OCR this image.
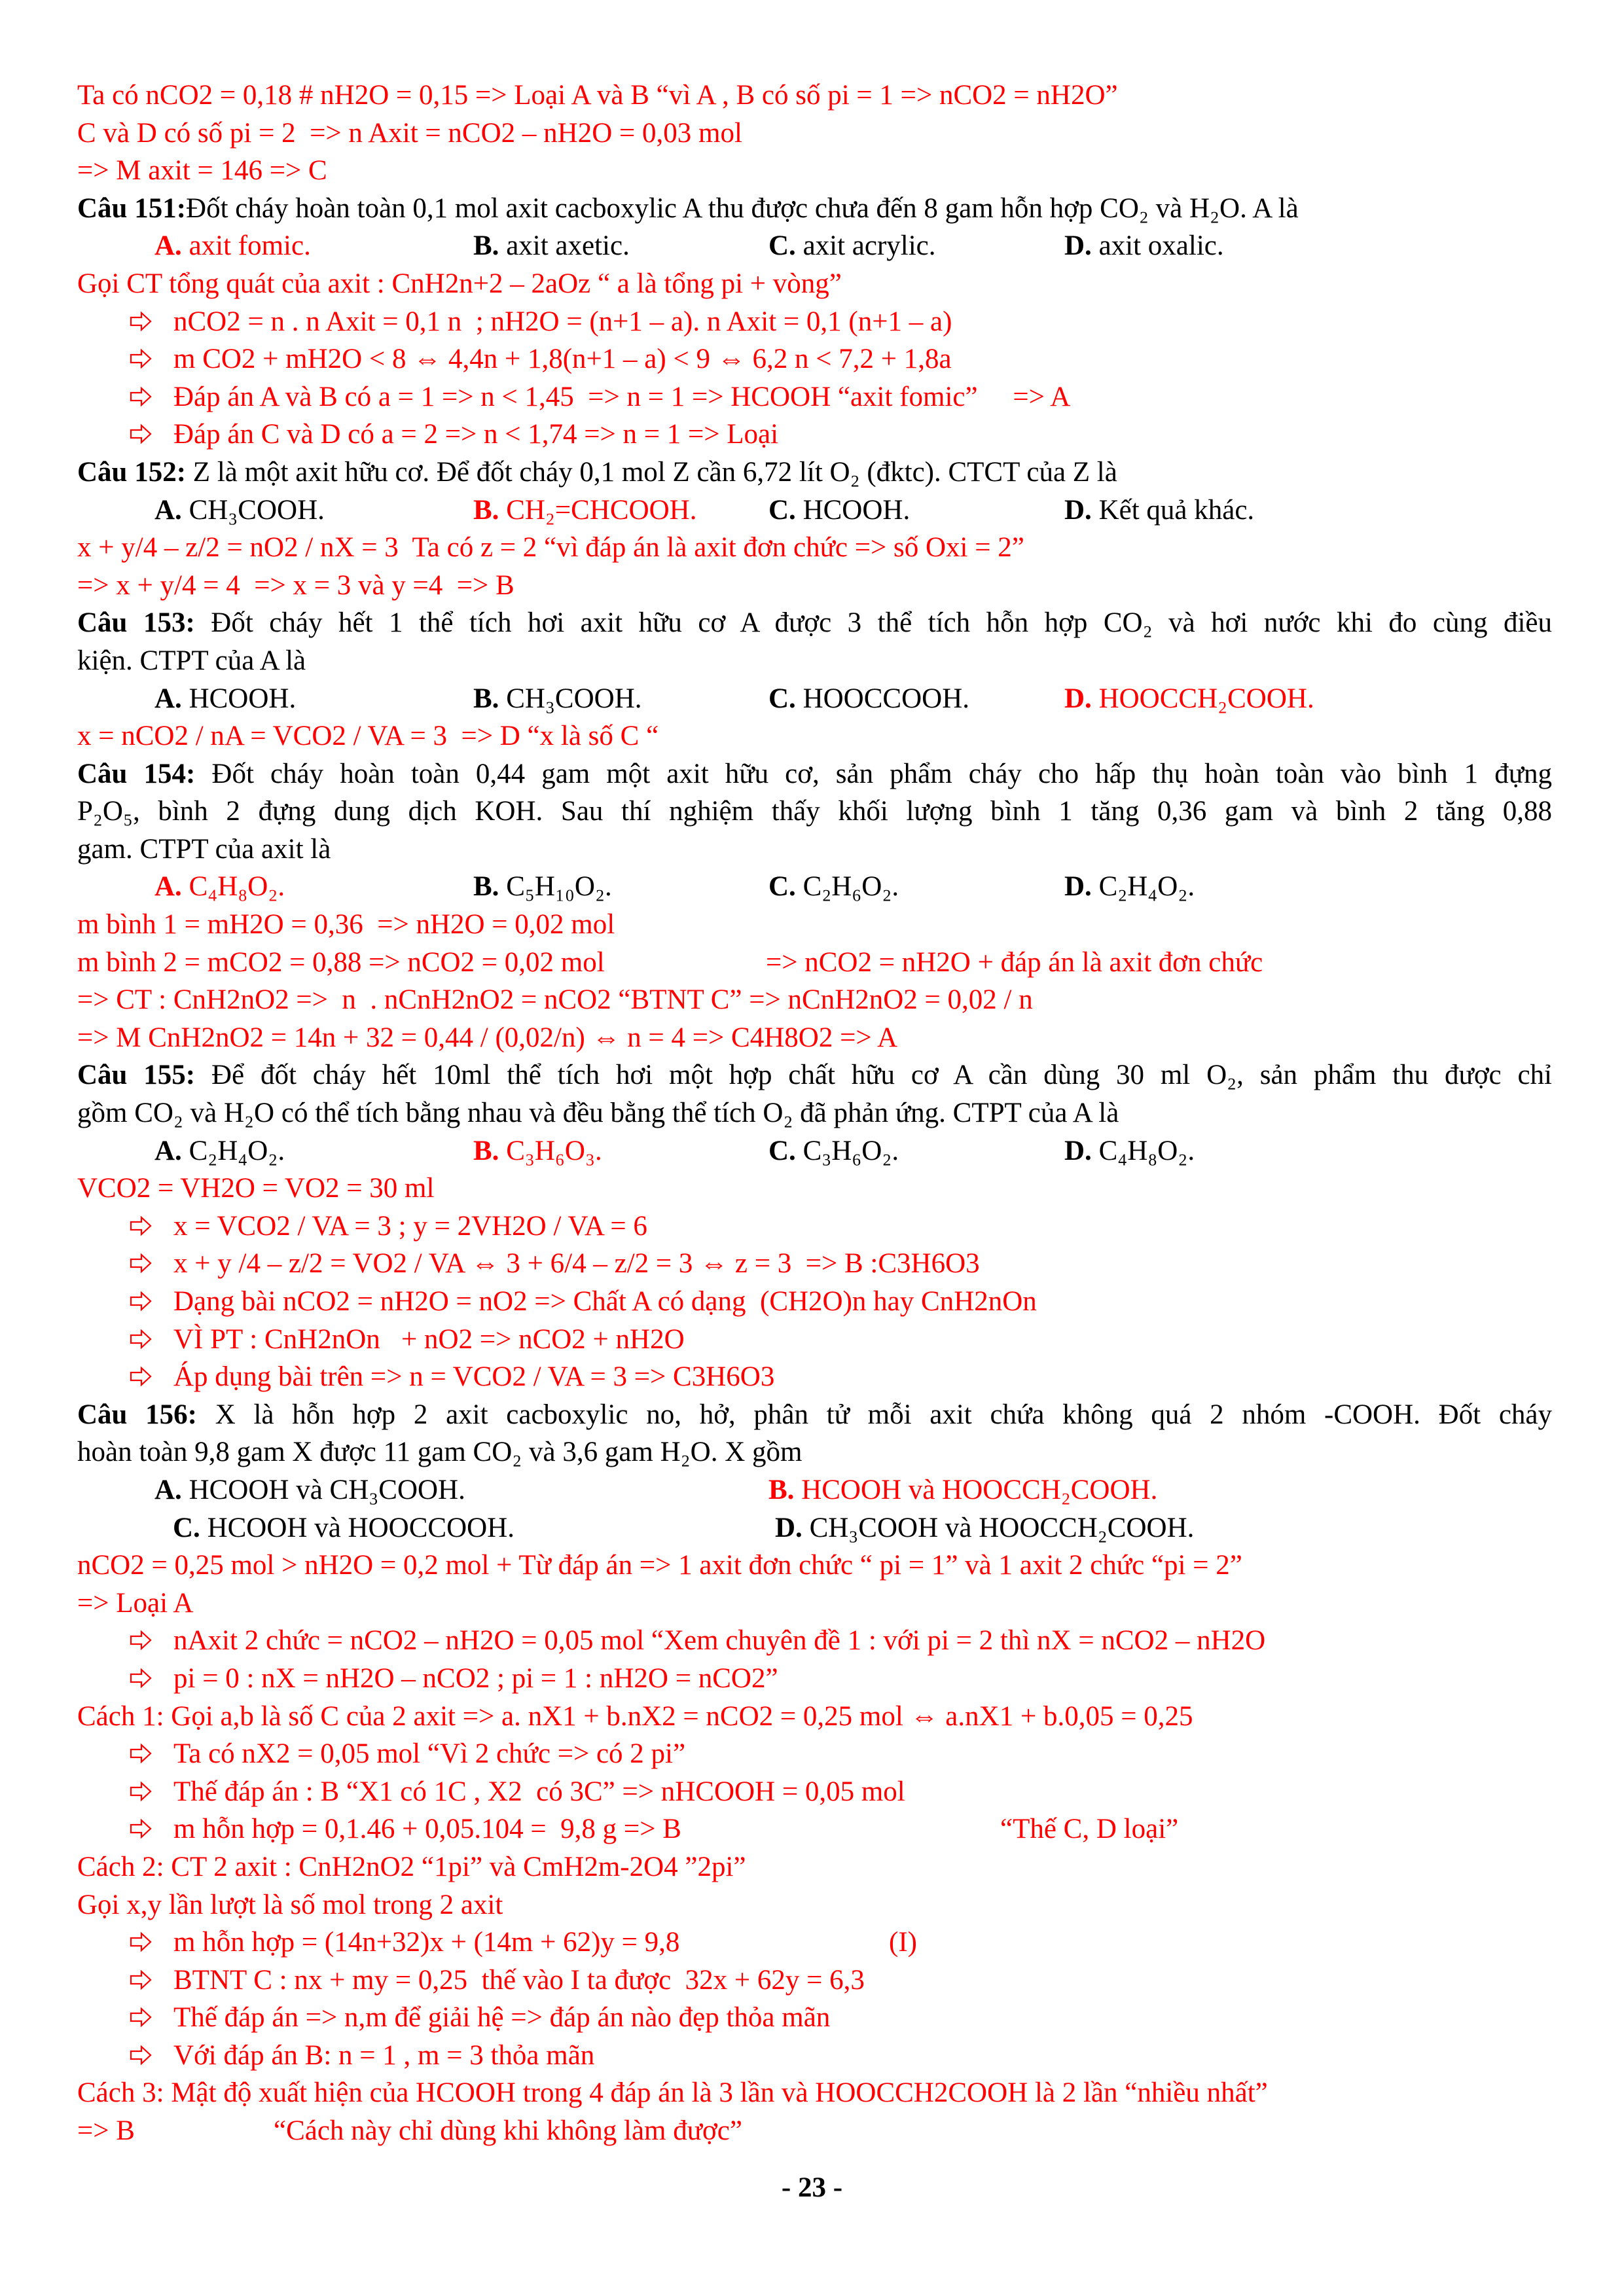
Ta có nCO2 = 0,18 # nH2O = 0,15 => Loại A và B “vì A , B có số pi = 1 => nCO2 = nH2O”
C và D có số pi = 2  => n Axit = nCO2 – nH2O = 0,03 mol
=> M axit = 146 => C
Câu 151:Đốt cháy hoàn toàn 0,1 mol axit cacboxylic A thu được chưa đến 8 gam hỗn hợp CO₂ và H₂O. A là
A. axit fomic.	B. axit axetic.	C. axit acrylic.	D. axit oxalic.
Gọi CT tổng quát của axit : CnH2n+2 – 2aOz “ a là tổng pi + vòng”
nCO2 = n . n Axit = 0,1 n  ; nH2O = (n+1 – a). n Axit = 0,1 (n+1 – a)
m CO2 + mH2O < 8 ⇔ 4,4n + 1,8(n+1 – a) < 9 ⇔ 6,2 n < 7,2 + 1,8a
Đáp án A và B có a = 1 => n < 1,45  => n = 1 => HCOOH “axit fomic”     => A
Đáp án C và D có a = 2 => n < 1,74 => n = 1 => Loại
Câu 152: Z là một axit hữu cơ. Để đốt cháy 0,1 mol Z cần 6,72 lít O₂ (đktc). CTCT của Z là
A. CH₃COOH.	B. CH₂=CHCOOH.	C. HCOOH.	D. Kết quả khác.
x + y/4 – z/2 = nO2 / nX = 3  Ta có z = 2 “vì đáp án là axit đơn chức => số Oxi = 2”
=> x + y/4 = 4  => x = 3 và y =4  => B
Câu 153: Đốt cháy hết 1 thể tích hơi axit hữu cơ A được 3 thể tích hỗn hợp CO₂ và hơi nước khi đo cùng điều
kiện. CTPT của A là
A. HCOOH.	B. CH₃COOH.	C. HOOCCOOH.	D. HOOCCH₂COOH.
x = nCO2 / nA = VCO2 / VA = 3  => D “x là số C “
Câu 154: Đốt cháy hoàn toàn 0,44 gam một axit hữu cơ, sản phẩm cháy cho hấp thụ hoàn toàn vào bình 1 đựng
P₂O₅, bình 2 đựng dung dịch KOH. Sau thí nghiệm thấy khối lượng bình 1 tăng 0,36 gam và bình 2 tăng 0,88
gam. CTPT của axit là
A. C₄H₈O₂.	B. C₅H₁₀O₂.	C. C₂H₆O₂.	D. C₂H₄O₂.
m bình 1 = mH2O = 0,36  => nH2O = 0,02 mol
m bình 2 = mCO2 = 0,88 => nCO2 = 0,02 mol	=> nCO2 = nH2O + đáp án là axit đơn chức
=> CT : CnH2nO2 =>  n  . nCnH2nO2 = nCO2 “BTNT C” => nCnH2nO2 = 0,02 / n
=> M CnH2nO2 = 14n + 32 = 0,44 / (0,02/n) ⇔ n = 4 => C4H8O2 => A
Câu 155: Để đốt cháy hết 10ml thể tích hơi một hợp chất hữu cơ A cần dùng 30 ml O₂, sản phẩm thu được chỉ
gồm CO₂ và H₂O có thể tích bằng nhau và đều bằng thể tích O₂ đã phản ứng. CTPT của A là
A. C₂H₄O₂.	B. C₃H₆O₃.	C. C₃H₆O₂.	D. C₄H₈O₂.
VCO2 = VH2O = VO2 = 30 ml
x = VCO2 / VA = 3 ; y = 2VH2O / VA = 6
x + y /4 – z/2 = VO2 / VA ⇔ 3 + 6/4 – z/2 = 3 ⇔ z = 3  => B :C3H6O3
Dạng bài nCO2 = nH2O = nO2 => Chất A có dạng  (CH2O)n hay CnH2nOn
VÌ PT : CnH2nOn   + nO2 => nCO2 + nH2O
Áp dụng bài trên => n = VCO2 / VA = 3 => C3H6O3
Câu 156: X là hỗn hợp 2 axit cacboxylic no, hở, phân tử mỗi axit chứa không quá 2 nhóm -COOH. Đốt cháy
hoàn toàn 9,8 gam X được 11 gam CO₂ và 3,6 gam H₂O. X gồm
A. HCOOH và CH₃COOH.	B. HCOOH và HOOCCH₂COOH.
C. HCOOH và HOOCCOOH.	D. CH₃COOH và HOOCCH₂COOH.
nCO2 = 0,25 mol > nH2O = 0,2 mol + Từ đáp án => 1 axit đơn chức “ pi = 1” và 1 axit 2 chức “pi = 2”
=> Loại A
nAxit 2 chức = nCO2 – nH2O = 0,05 mol “Xem chuyên đề 1 : với pi = 2 thì nX = nCO2 – nH2O
pi = 0 : nX = nH2O – nCO2 ; pi = 1 : nH2O = nCO2”
Cách 1: Gọi a,b là số C của 2 axit => a. nX1 + b.nX2 = nCO2 = 0,25 mol ⇔ a.nX1 + b.0,05 = 0,25
Ta có nX2 = 0,05 mol “Vì 2 chức => có 2 pi”
Thế đáp án : B “X1 có 1C , X2  có 3C” => nHCOOH = 0,05 mol
m hỗn hợp = 0,1.46 + 0,05.104 =  9,8 g => B	“Thế C, D loại”
Cách 2: CT 2 axit : CnH2nO2 “1pi” và CmH2m-2O4 ”2pi”
Gọi x,y lần lượt là số mol trong 2 axit
m hỗn hợp = (14n+32)x + (14m + 62)y = 9,8	(I)
BTNT C : nx + my = 0,25  thế vào I ta được  32x + 62y = 6,3
Thế đáp án => n,m để giải hệ => đáp án nào đẹp thỏa mãn
Với đáp án B: n = 1 , m = 3 thỏa mãn
Cách 3: Mật độ xuất hiện của HCOOH trong 4 đáp án là 3 lần và HOOCCH2COOH là 2 lần “nhiều nhất”
=> B	“Cách này chỉ dùng khi không làm được”
- 23 -
